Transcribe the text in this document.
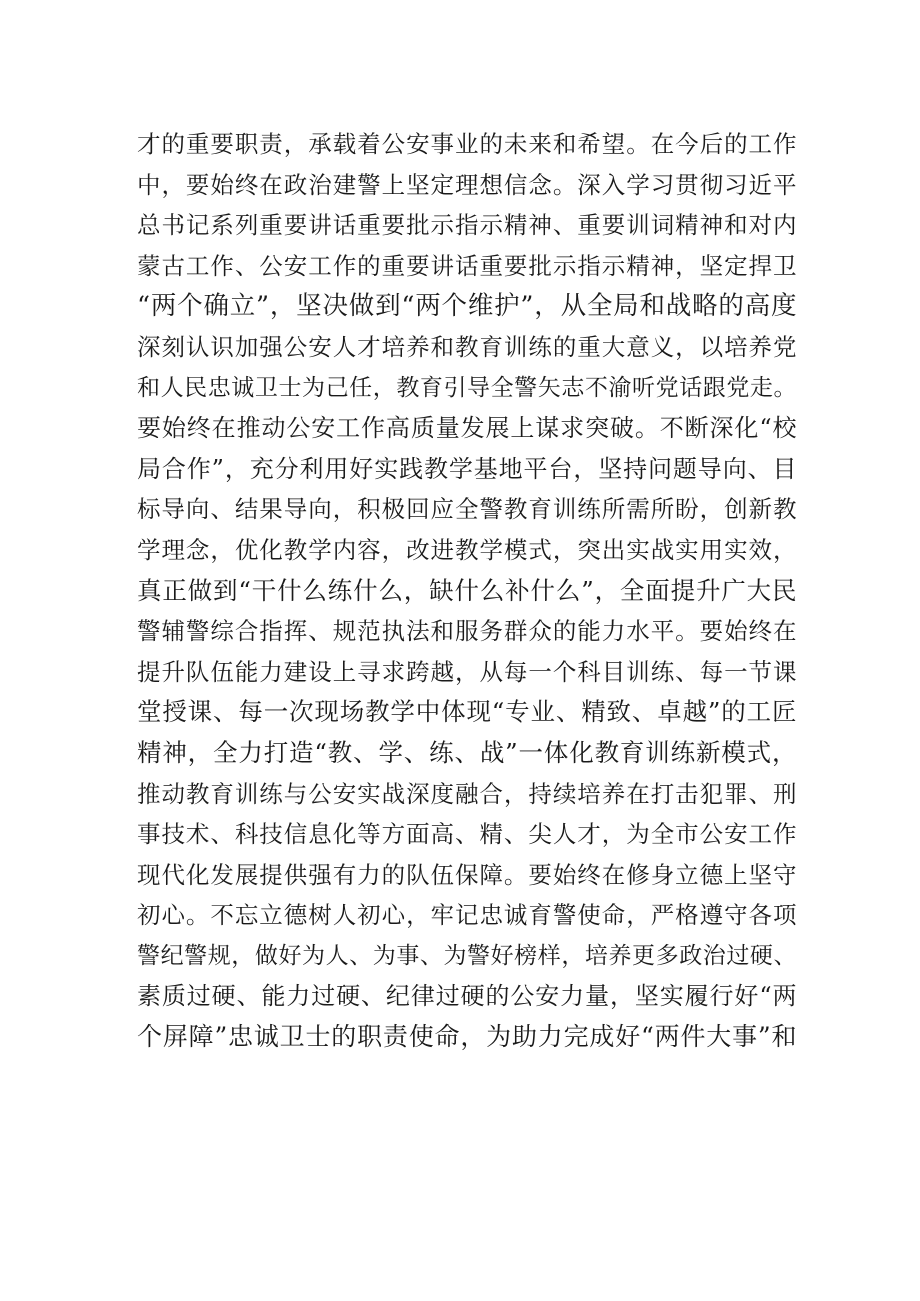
才的重要职责，承载着公安事业的未来和希望。在今后的工作
中，要始终在政治建警上坚定理想信念。深入学习贯彻习近平
总书记系列重要讲话重要批示指示精神、重要训词精神和对内
蒙古工作、公安工作的重要讲话重要批示指示精神，坚定捍卫
“两个确立”，坚决做到“两个维护”，从全局和战略的高度
深刻认识加强公安人才培养和教育训练的重大意义，以培养党
和人民忠诚卫士为己任，教育引导全警矢志不渝听党话跟党走。
要始终在推动公安工作高质量发展上谋求突破。不断深化“校
局合作”，充分利用好实践教学基地平台，坚持问题导向、目
标导向、结果导向，积极回应全警教育训练所需所盼，创新教
学理念，优化教学内容，改进教学模式，突出实战实用实效，
真正做到“干什么练什么，缺什么补什么”，全面提升广大民
警辅警综合指挥、规范执法和服务群众的能力水平。要始终在
提升队伍能力建设上寻求跨越，从每一个科目训练、每一节课
堂授课、每一次现场教学中体现“专业、精致、卓越”的工匠
精神，全力打造“教、学、练、战”一体化教育训练新模式，
推动教育训练与公安实战深度融合，持续培养在打击犯罪、刑
事技术、科技信息化等方面高、精、尖人才，为全市公安工作
现代化发展提供强有力的队伍保障。要始终在修身立德上坚守
初心。不忘立德树人初心，牢记忠诚育警使命，严格遵守各项
警纪警规，做好为人、为事、为警好榜样，培养更多政治过硬、
素质过硬、能力过硬、纪律过硬的公安力量，坚实履行好“两
个屏障”忠诚卫士的职责使命，为助力完成好“两件大事”和
